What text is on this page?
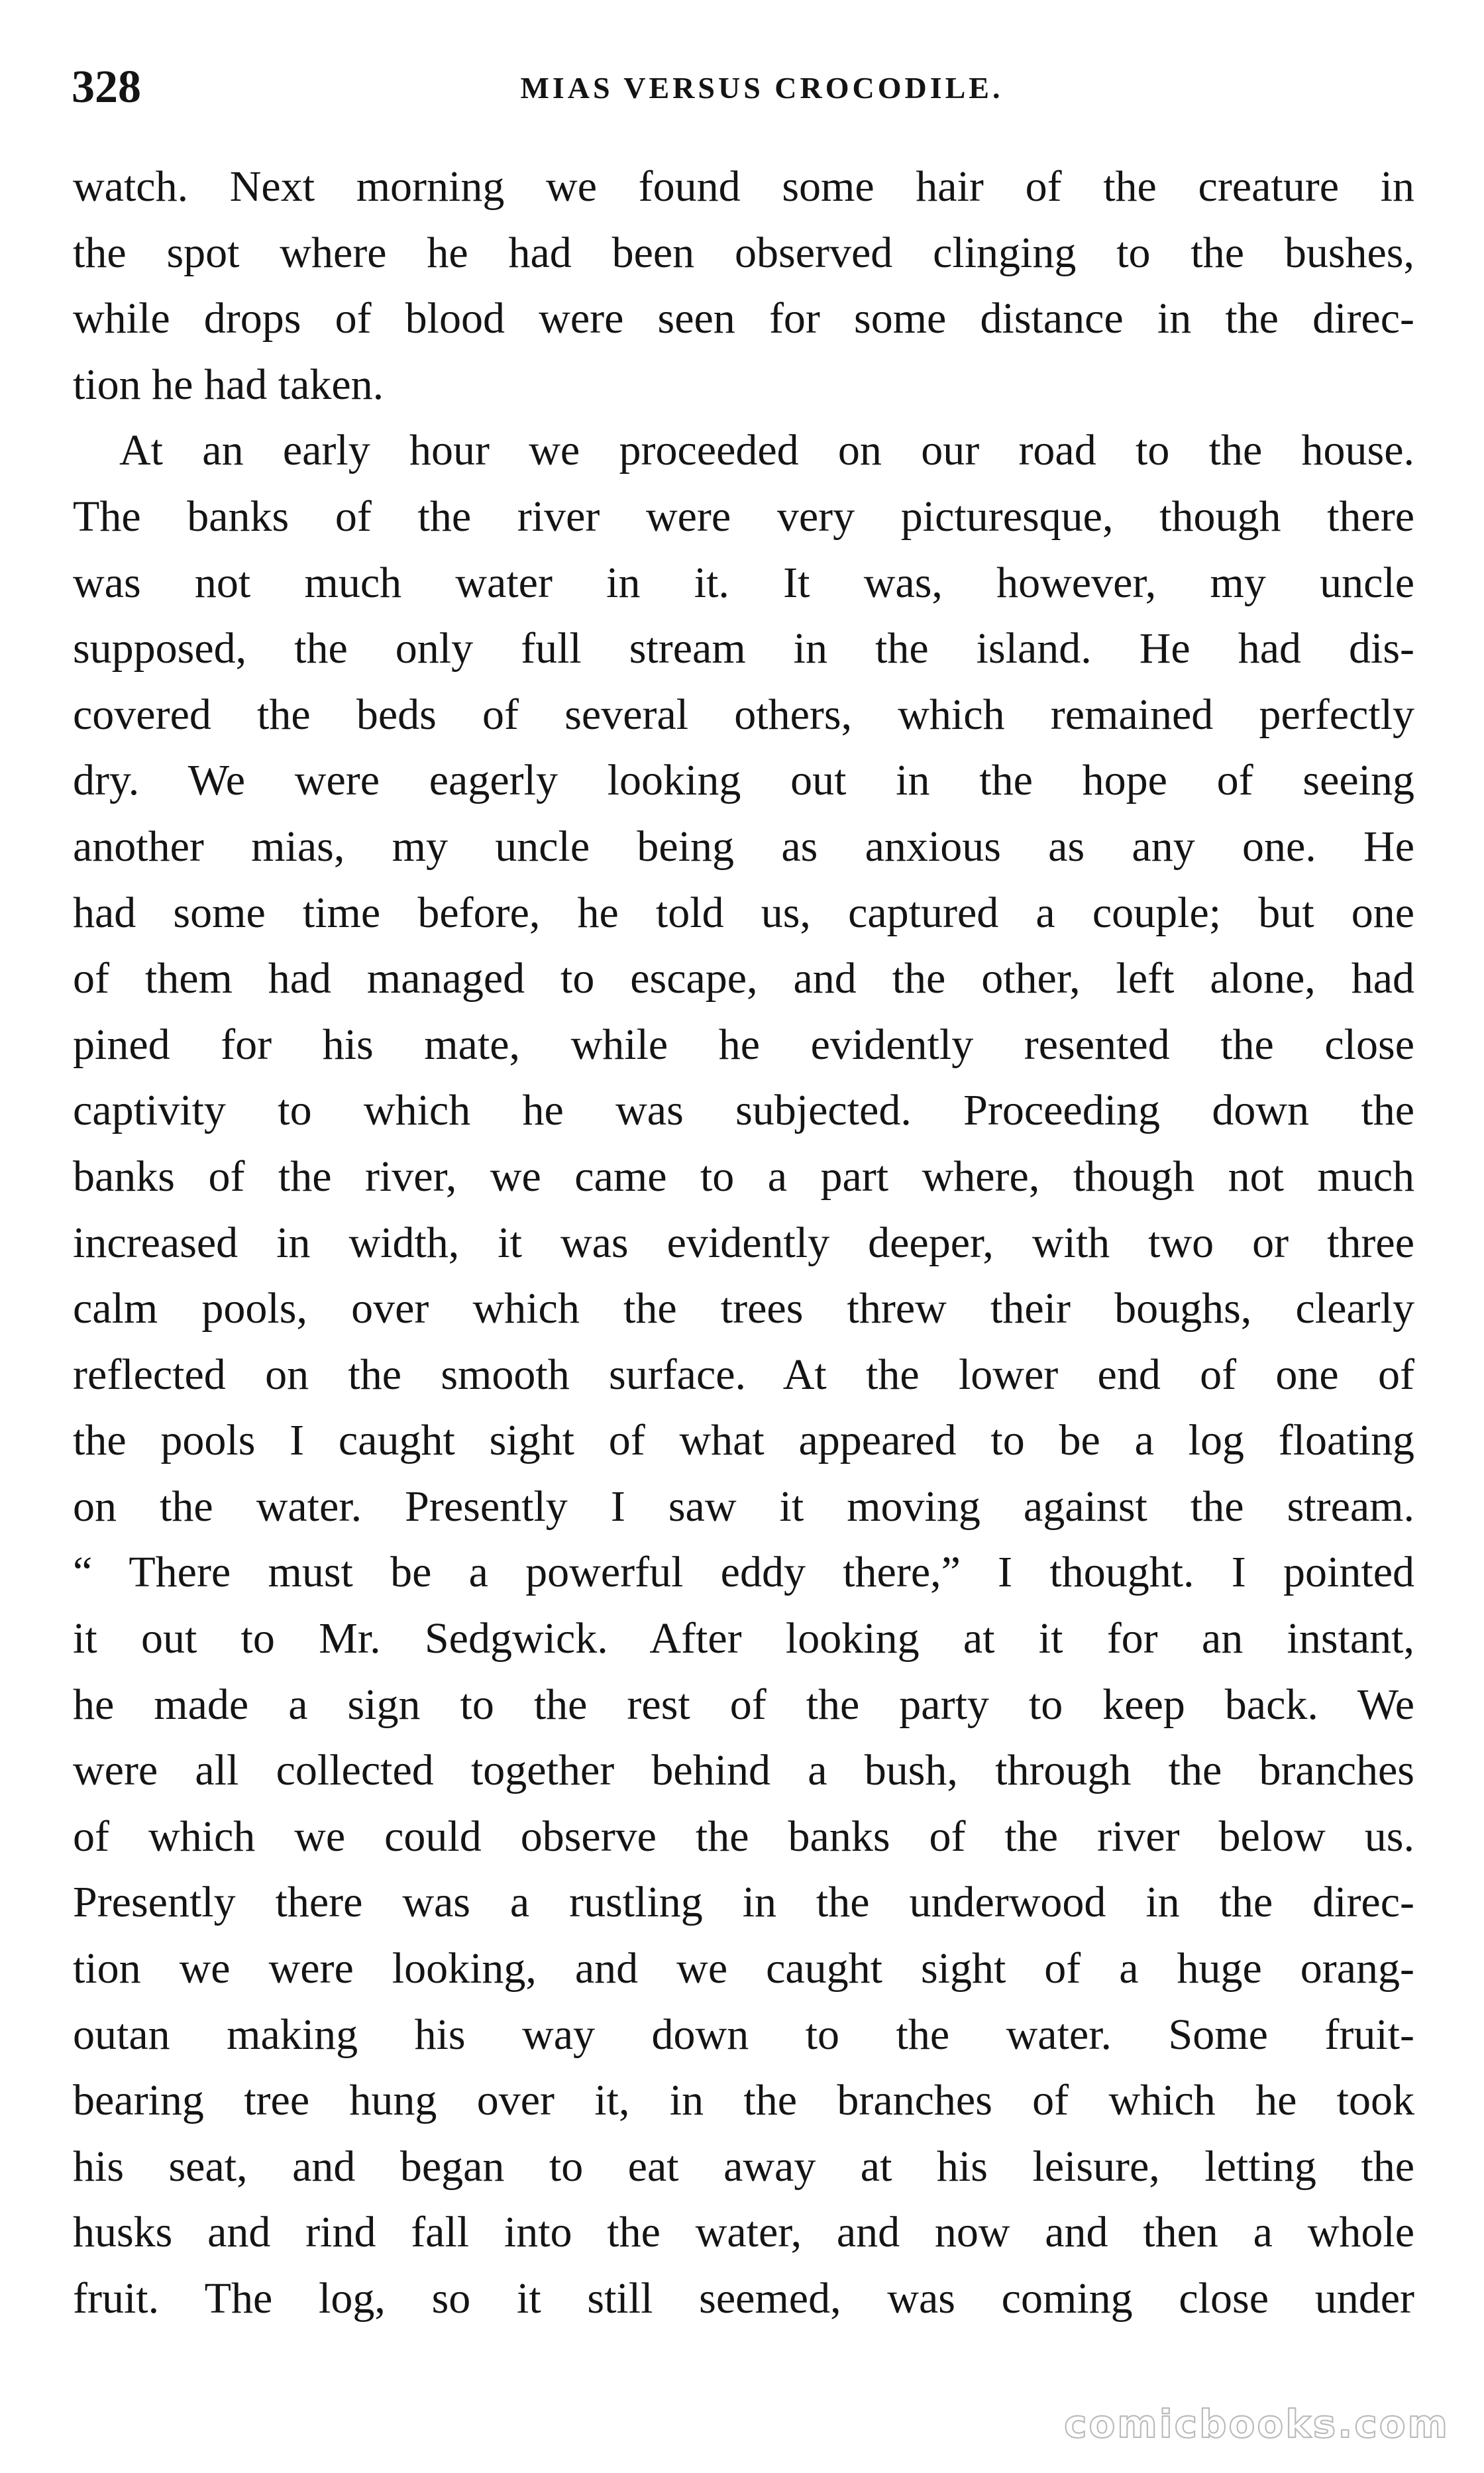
328	MIAS VERSUS CROCODILE.
watch. Next morning we found some hair of the creature in
the spot where he had been observed clinging to the bushes,
while drops of blood were seen for some distance in the direc-
tion he had taken.
At an early hour we proceeded on our road to the house.
The banks of the river were very picturesque, though there
was not much water in it. It was, however, my uncle
supposed, the only full stream in the island. He had dis-
covered the beds of several others, which remained perfectly
dry. We were eagerly looking out in the hope of seeing
another mias, my uncle being as anxious as any one. He
had some time before, he told us, captured a couple; but one
of them had managed to escape, and the other, left alone, had
pined for his mate, while he evidently resented the close
captivity to which he was subjected. Proceeding down the
banks of the river, we came to a part where, though not much
increased in width, it was evidently deeper, with two or three
calm pools, over which the trees threw their boughs, clearly
reflected on the smooth surface. At the lower end of one of
the pools I caught sight of what appeared to be a log floating
on the water. Presently I saw it moving against the stream.
“ There must be a powerful eddy there,” I thought. I pointed
it out to Mr. Sedgwick. After looking at it for an instant,
he made a sign to the rest of the party to keep back. We
were all collected together behind a bush, through the branches
of which we could observe the banks of the river below us.
Presently there was a rustling in the underwood in the direc-
tion we were looking, and we caught sight of a huge orang-
outan making his way down to the water. Some fruit-
bearing tree hung over it, in the branches of which he took
his seat, and began to eat away at his leisure, letting the
husks and rind fall into the water, and now and then a whole
fruit. The log, so it still seemed, was coming close under
comicbooks.com
